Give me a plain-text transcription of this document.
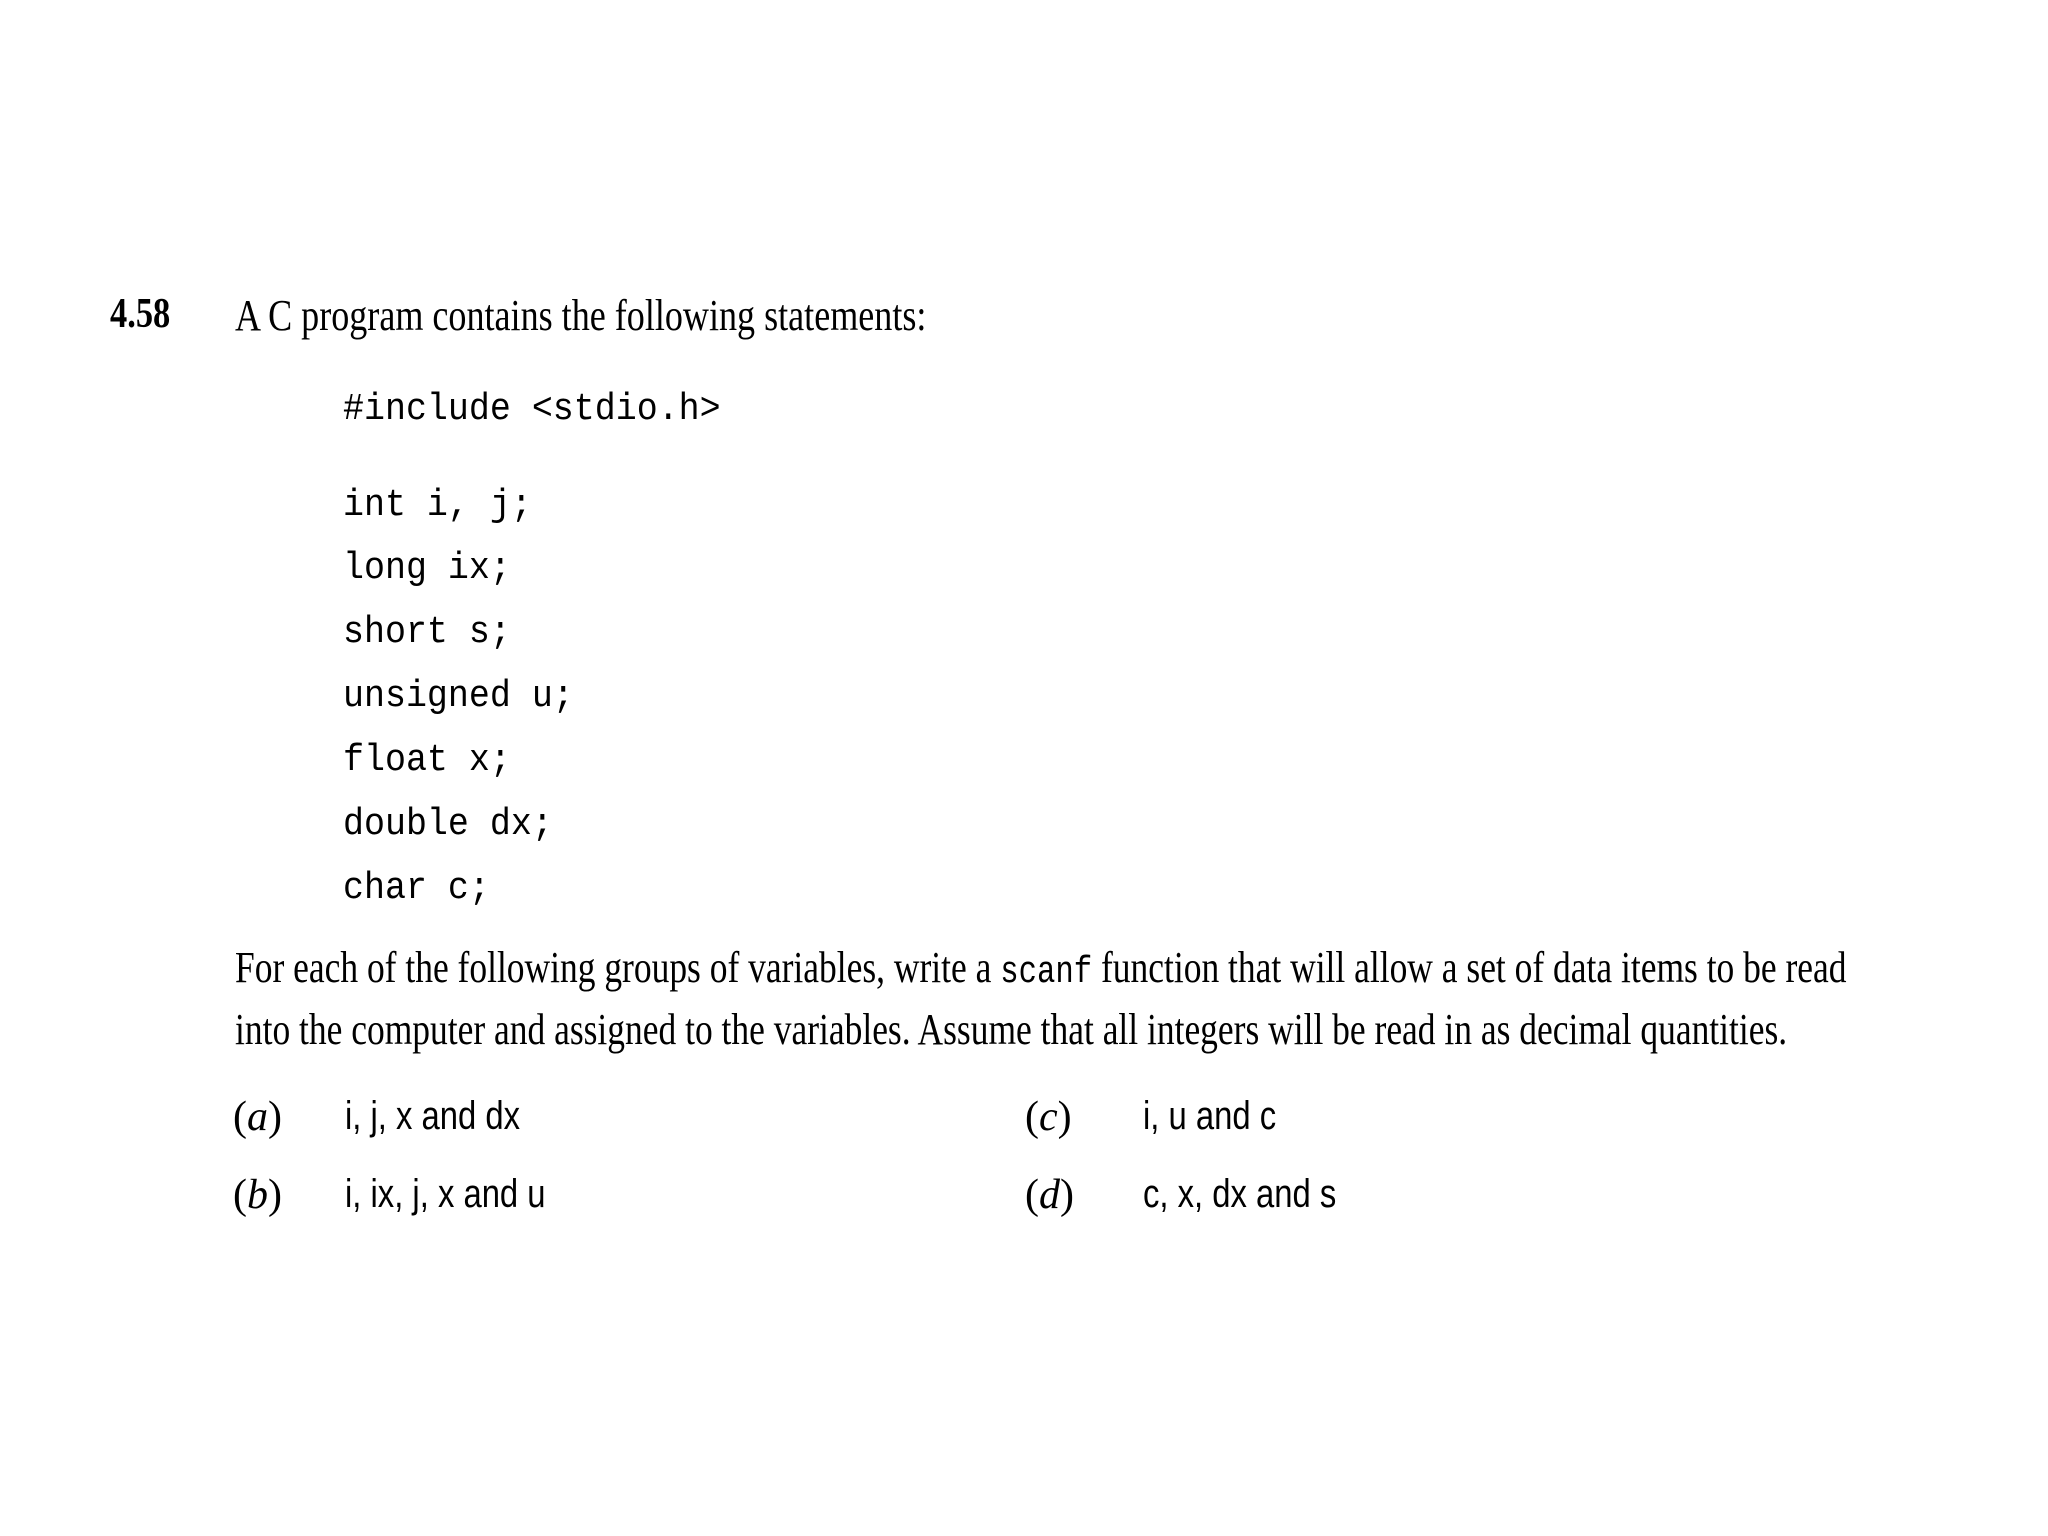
4.58 A C program contains the following statements:
#include <stdio.h>
int i, j;
long ix;
short s;
unsigned u;
float x;
double dx;
char c;
For each of the following groups of variables, write a scanf function that will allow a set of data items to be read
into the computer and assigned to the variables. Assume that all integers will be read in as decimal quantities.
(a) i, j, x and dx
(b) i, ix, j, x and u
(c) i, u and c
(d) c, x, dx and s
